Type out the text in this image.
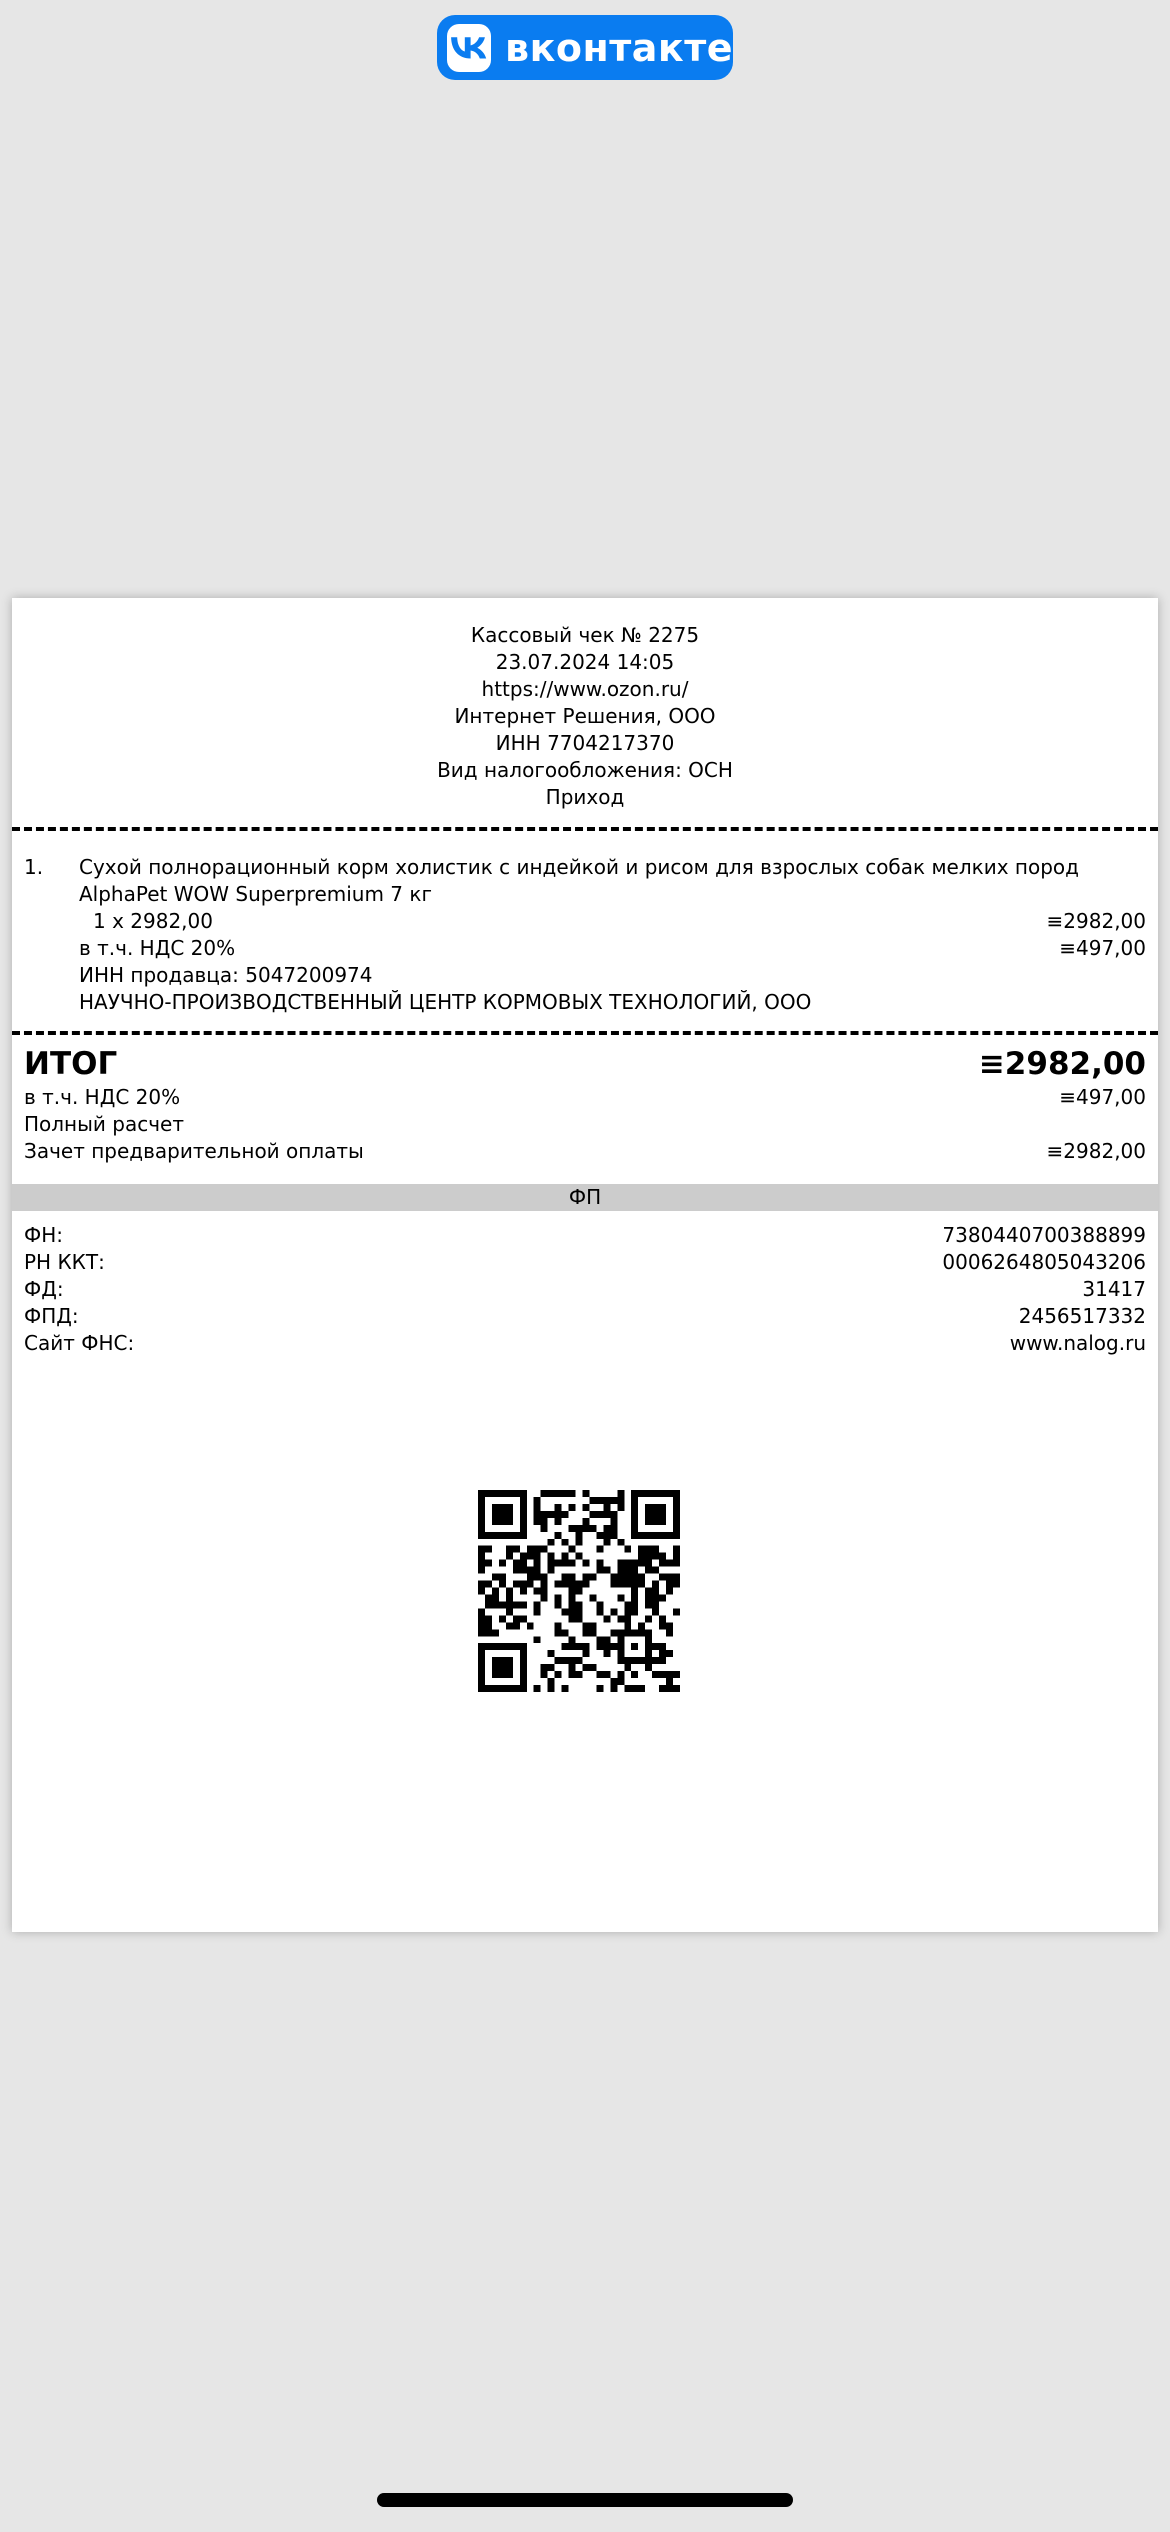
вконтакте
Кассовый чек № 2275
23.07.2024 14:05
https://www.ozon.ru/
Интернет Решения, ООО
ИНН 7704217370
Вид налогообложения: ОСН
Приход
1. Сухой полнорационный корм холистик с индейкой и рисом для взрослых собак мелких пород
AlphaPet WOW Superpremium 7 кг
1 x 2982,00	≡2982,00
в т.ч. НДС 20%	≡497,00
ИНН продавца: 5047200974
НАУЧНО-ПРОИЗВОДСТВЕННЫЙ ЦЕНТР КОРМОВЫХ ТЕХНОЛОГИЙ, ООО
ИТОГ	≡2982,00
в т.ч. НДС 20%	≡497,00
Полный расчет
Зачет предварительной оплаты	≡2982,00
ФП
ФН:	7380440700388899
РН ККТ:	0006264805043206
ФД:	31417
ФПД:	2456517332
Сайт ФНС:	www.nalog.ru
